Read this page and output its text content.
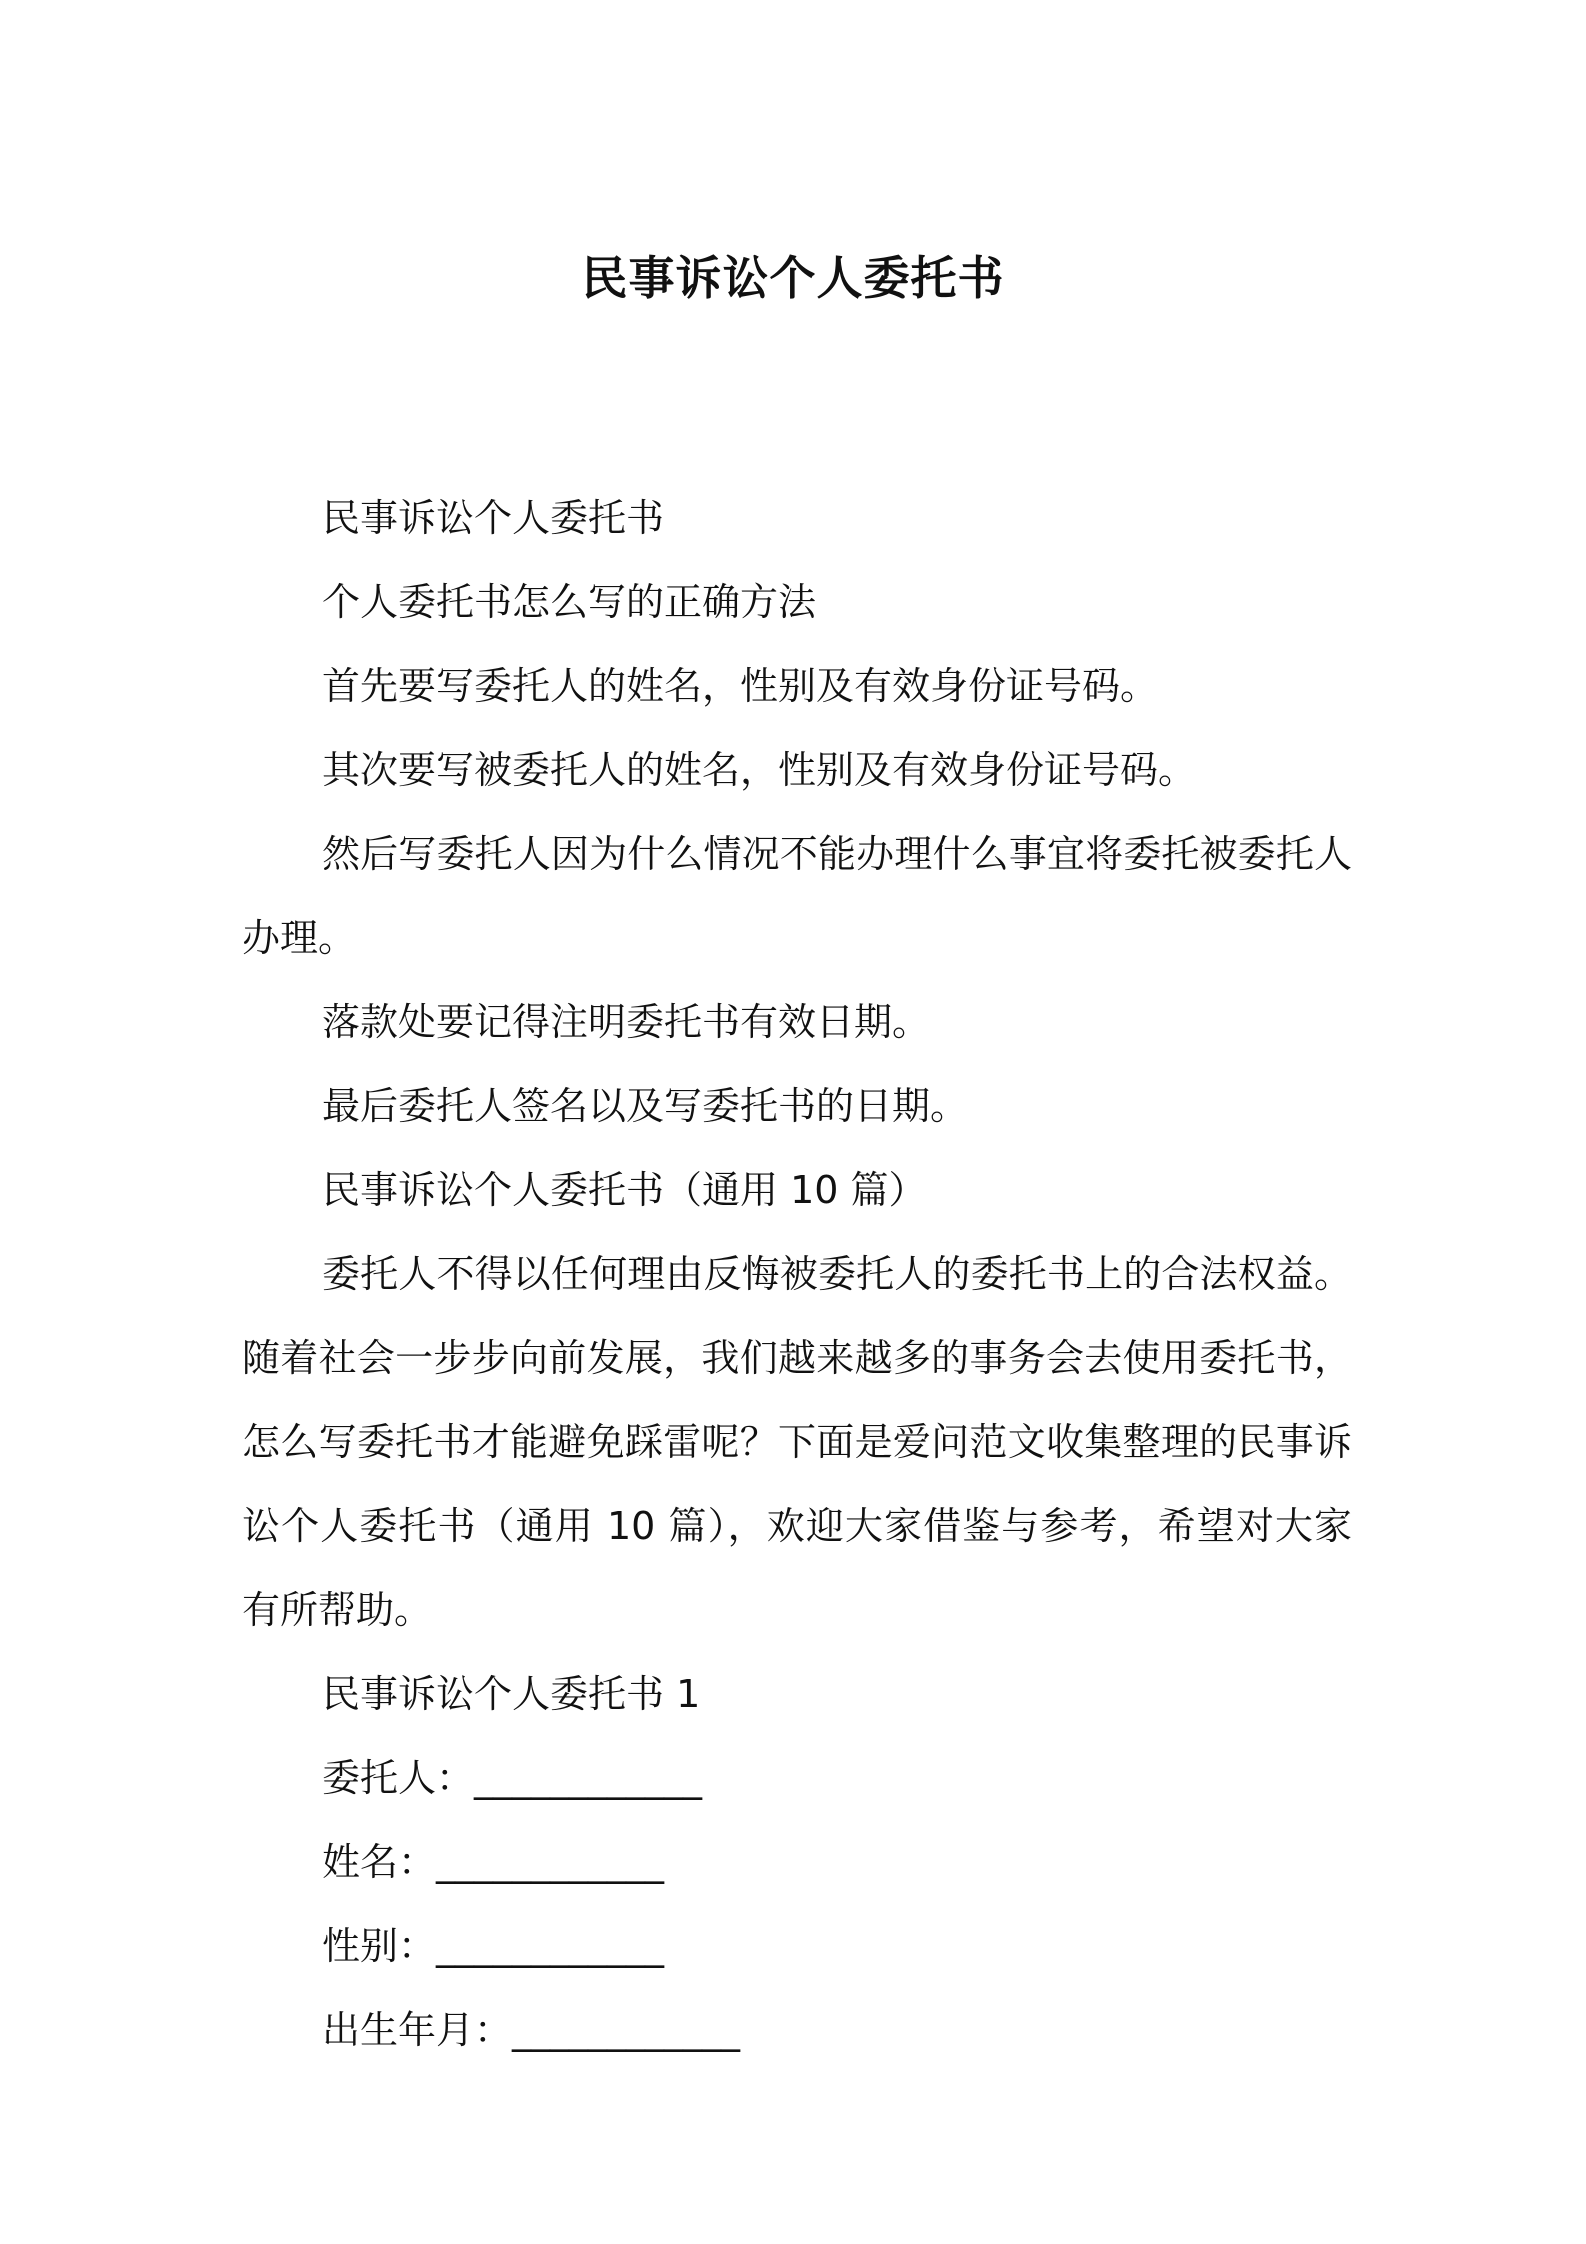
民事诉讼个人委托书

民事诉讼个人委托书

个人委托书怎么写的正确方法

首先要写委托人的姓名，性别及有效身份证号码。

其次要写被委托人的姓名，性别及有效身份证号码。

然后写委托人因为什么情况不能办理什么事宜将委托被委托人办理。

落款处要记得注明委托书有效日期。

最后委托人签名以及写委托书的日期。

民事诉讼个人委托书（通用 10 篇）

委托人不得以任何理由反悔被委托人的委托书上的合法权益。随着社会一步步向前发展，我们越来越多的事务会去使用委托书，怎么写委托书才能避免踩雷呢？下面是爱问范文收集整理的民事诉讼个人委托书（通用 10 篇），欢迎大家借鉴与参考，希望对大家有所帮助。

民事诉讼个人委托书 1

委托人：____________

姓名：____________

性别：____________

出生年月：____________
